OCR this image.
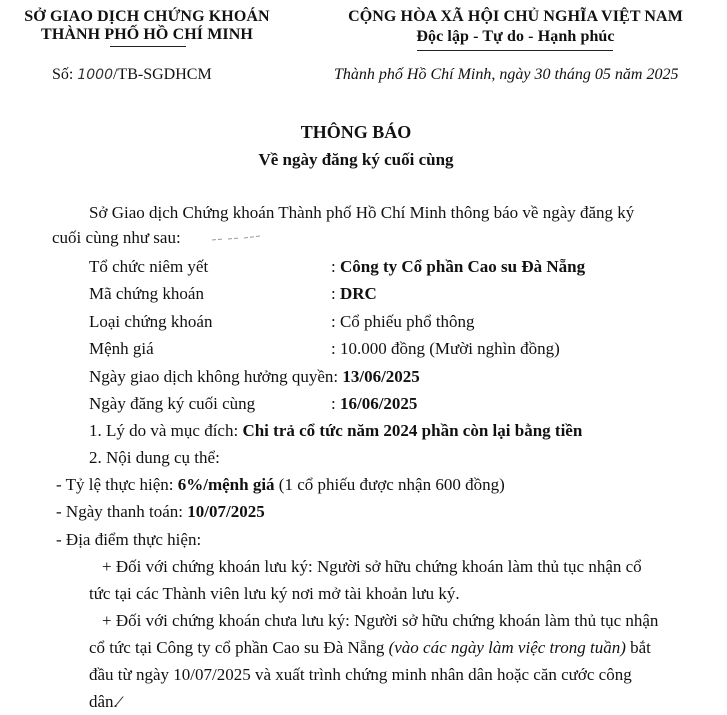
SỞ GIAO DỊCH CHỨNG KHOÁN
THÀNH PHỐ HỒ CHÍ MINH
Số: 1000/TB-SGDHCM
CỘNG HÒA XÃ HỘI CHỦ NGHĨA VIỆT NAM
Độc lập - Tự do - Hạnh phúc
Thành phố Hồ Chí Minh, ngày 30 tháng 05 năm 2025
THÔNG BÁO
Về ngày đăng ký cuối cùng
Sở Giao dịch Chứng khoán Thành phố Hồ Chí Minh thông báo về ngày đăng ký
cuối cùng như sau:
Tổ chức niêm yết	: Công ty Cổ phần Cao su Đà Nẵng
Mã chứng khoán	: DRC
Loại chứng khoán	: Cổ phiếu phổ thông
Mệnh giá	: 10.000 đồng (Mười nghìn đồng)
Ngày giao dịch không hưởng quyền: 13/06/2025
Ngày đăng ký cuối cùng	: 16/06/2025
1. Lý do và mục đích: Chi trả cổ tức năm 2024 phần còn lại bằng tiền
2. Nội dung cụ thể:
- Tỷ lệ thực hiện: 6%/mệnh giá (1 cổ phiếu được nhận 600 đồng)
- Ngày thanh toán: 10/07/2025
- Địa điểm thực hiện:
+ Đối với chứng khoán lưu ký: Người sở hữu chứng khoán làm thủ tục nhận cổ
tức tại các Thành viên lưu ký nơi mở tài khoản lưu ký.
+ Đối với chứng khoán chưa lưu ký: Người sở hữu chứng khoán làm thủ tục nhận
cổ tức tại Công ty cổ phần Cao su Đà Nẵng (vào các ngày làm việc trong tuần) bắt
đầu từ ngày 10/07/2025 và xuất trình chứng minh nhân dân hoặc căn cước công
dân.⁄
